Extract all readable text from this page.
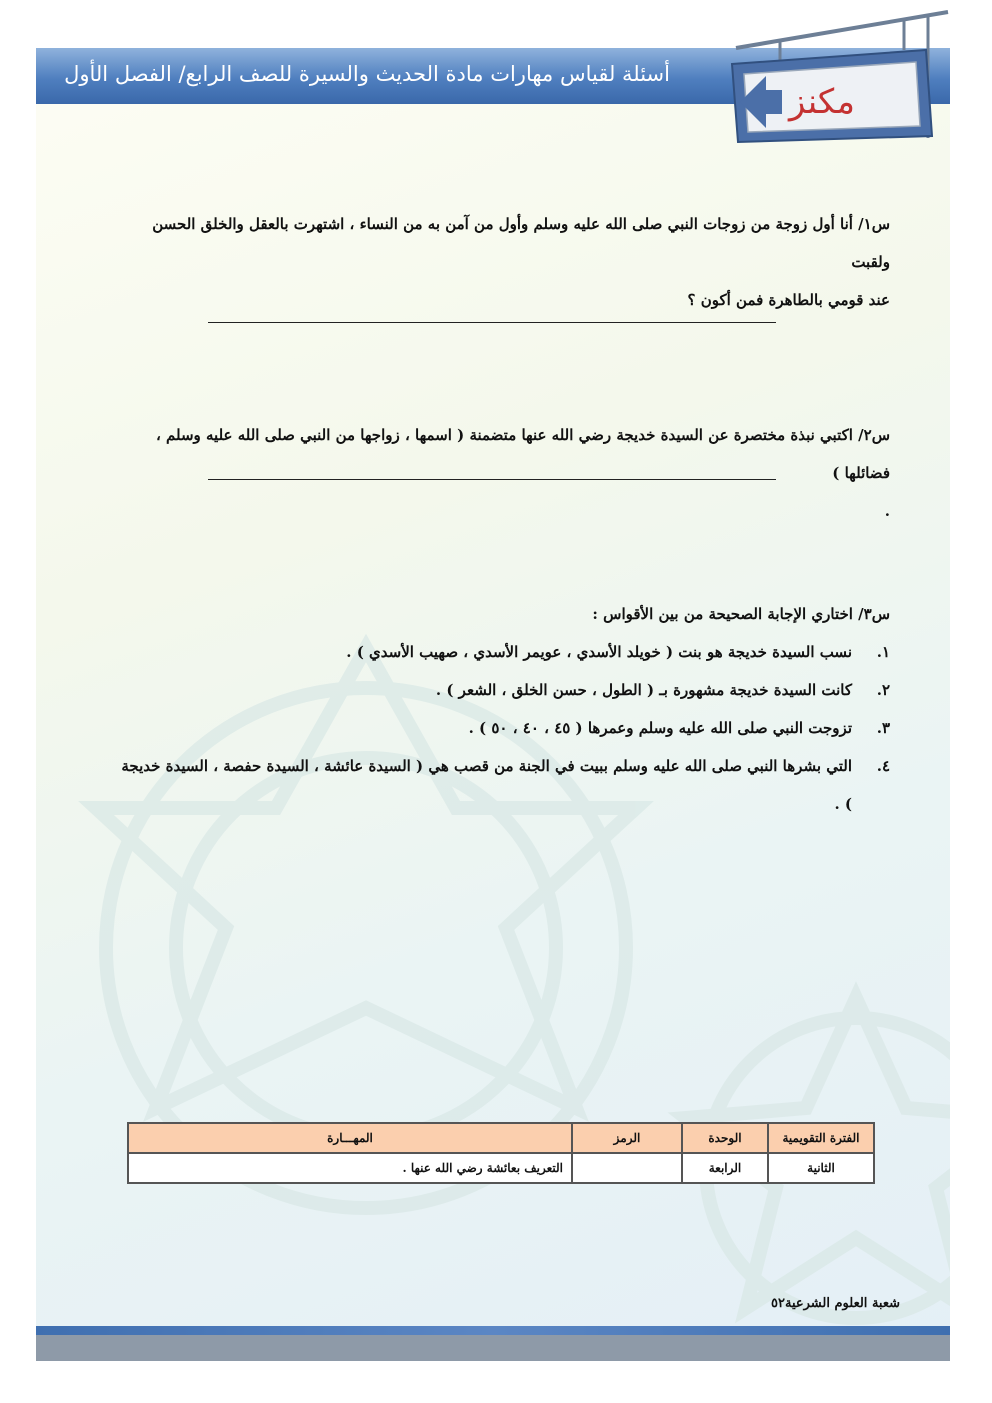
أسئلة لقياس مهارات مادة الحديث والسيرة للصف الرابع/ الفصل الأول
مكنز

س١/ أنا أول زوجة من زوجات النبي صلى الله عليه وسلم وأول من آمن به من النساء ، اشتهرت بالعقل والخلق الحسن ولقبت

عند قومي بالطاهرة فمن أكون ؟

س٢/ اكتبي نبذة مختصرة عن السيدة خديجة رضي الله عنها متضمنة ( اسمها ، زواجها من النبي صلى الله عليه وسلم ، فضائلها )

.

س٣/ اختاري الإجابة الصحيحة من بين الأقواس :

١.
نسب السيدة خديجة هو بنت ( خويلد الأسدي ، عويمر الأسدي ، صهيب الأسدي ) .
٢.
كانت السيدة خديجة مشهورة بـ ( الطول ، حسن الخلق ، الشعر ) .
٣.
تزوجت النبي صلى الله عليه وسلم وعمرها ( ٤٥ ، ٤٠ ، ٥٠ ) .
٤.
التي بشرها النبي صلى الله عليه وسلم ببيت في الجنة من قصب هي ( السيدة عائشة ، السيدة حفصة ، السيدة خديجة ) .
الفترة التقويمية	الوحدة	الرمز	المهـــارة
الثانية	الرابعة		التعريف بعائشة رضي الله عنها .
شعبة العلوم الشرعية٥٢
